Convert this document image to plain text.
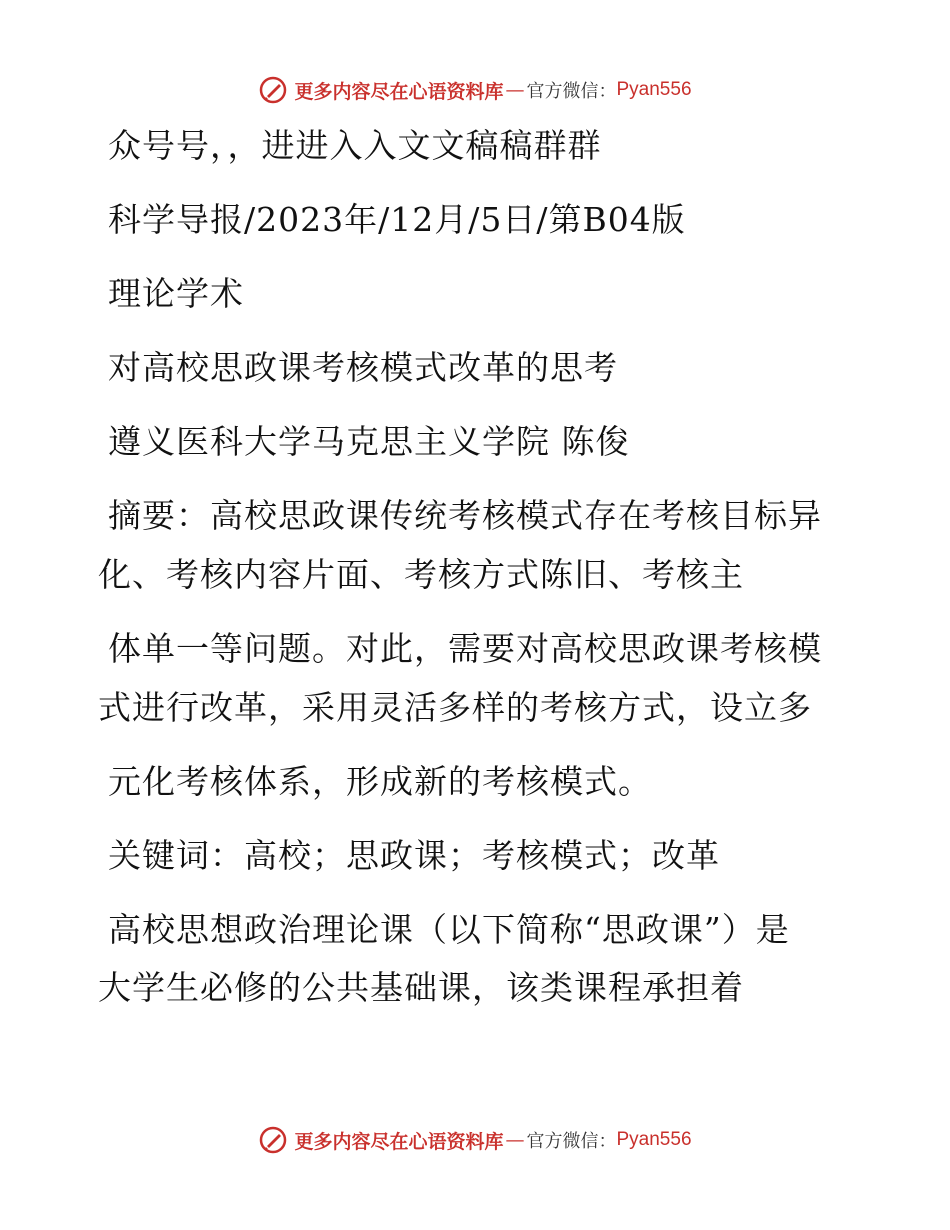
更多内容尽在心语资料库 — 官方微信： Pyan556
众号号，，进进入入文文稿稿群群
科学导报/2023年/12月/5日/第B04版
理论学术
对高校思政课考核模式改革的思考
遵义医科大学马克思主义学院 陈俊
摘要：高校思政课传统考核模式存在考核目标异
化、考核内容片面、考核方式陈旧、考核主
体单一等问题。对此，需要对高校思政课考核模
式进行改革，采用灵活多样的考核方式，设立多
元化考核体系，形成新的考核模式。
关键词：高校；思政课；考核模式；改革
高校思想政治理论课（以下简称“思政课”）是
大学生必修的公共基础课，该类课程承担着
更多内容尽在心语资料库 — 官方微信： Pyan556
